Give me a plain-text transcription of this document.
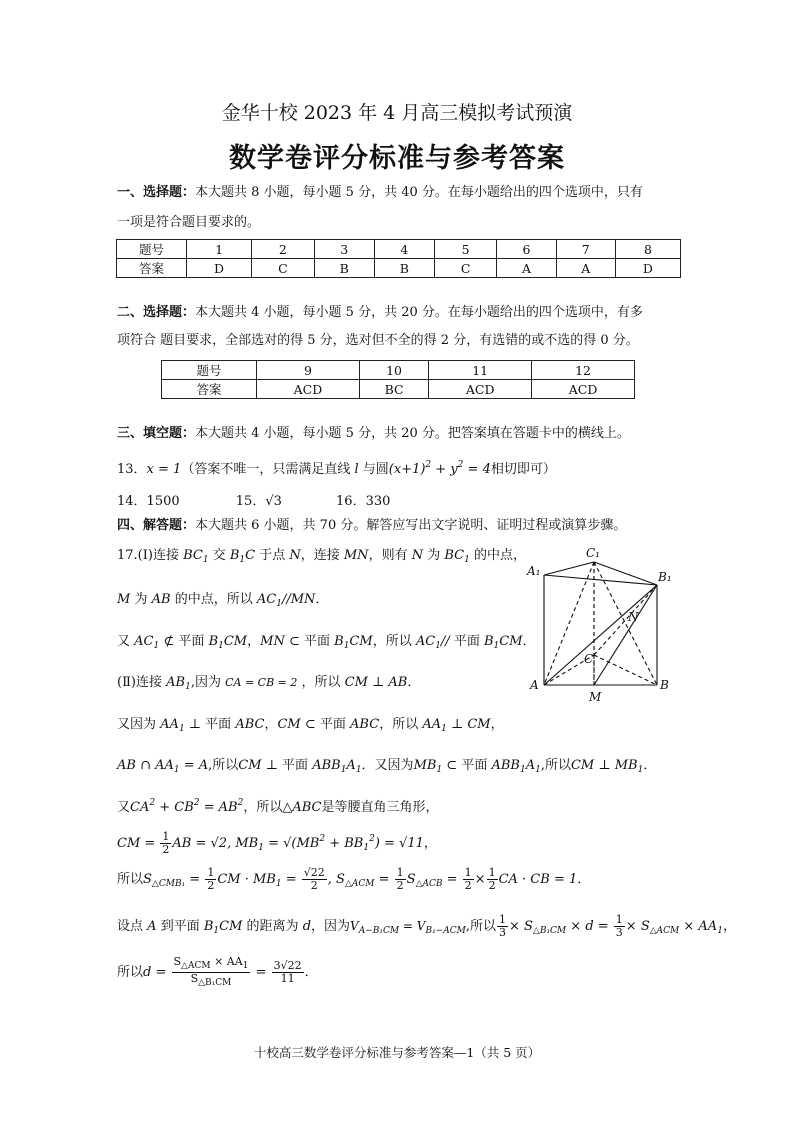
金华十校 2023 年 4 月高三模拟考试预演
数学卷评分标准与参考答案
一、选择题：本大题共 8 小题，每小题 5 分，共 40 分。在每小题给出的四个选项中，只有
一项是符合题目要求的。
题号	1	2	3	4	5	6	7	8
答案	D	C	B	B	C	A	A	D
二、选择题：本大题共 4 小题，每小题 5 分，共 20 分。在每小题给出的四个选项中，有多
项符合 题目要求，全部选对的得 5 分，选对但不全的得 2 分，有选错的或不选的得 0 分。
题号	9	10	11	12
答案	ACD	BC	ACD	ACD
三、填空题：本大题共 4 小题，每小题 5 分，共 20 分。把答案填在答题卡中的横线上。
13．x = 1（答案不唯一，只需满足直线 l 与圆$(x+1)^2 + y^2 = 4$相切即可）
14．1500	15．√3	16．330
四、解答题：本大题共 6 小题，共 70 分。解答应写出文字说明、证明过程或演算步骤。
17.(Ⅰ)连接 $BC_1$ 交 $B_1C$ 于点 N，连接 MN，则有 N 为 $BC_1$ 的中点，
M 为 AB 的中点，所以 $AC_1//MN$．
又 $AC_1$ ⊄ 平面 $B_1CM$，MN ⊂ 平面 $B_1CM$，所以 $AC_1//$ 平面 $B_1CM$．
(Ⅱ)连接 $AB_1$,因为 CA = CB = 2 ，所以 CM ⊥ AB．
又因为 $AA_1$ ⊥ 平面 ABC，CM ⊂ 平面 ABC，所以 $AA_1$ ⊥ CM，
AB ∩ $AA_1 = A$,所以CM ⊥ 平面 $ABB_1A_1$．又因为$MB_1$ ⊂ 平面 $ABB_1A_1$,所以CM ⊥ $MB_1$．
又$CA^2 + CB^2 = AB^2$，所以△ABC是等腰直角三角形，
CM = $\frac{1}{2}$ AB = √2, $MB_1 = √(MB^2 + BB_1^2) = √11$，
所以$S_{\triangle CMB_1} = \frac{1}{2}$ CM · $MB_1 = \frac{√22}{2}$ , $S_{\triangle ACM} = \frac{1}{2} S_{\triangle ACB} = \frac{1}{2} \times \frac{1}{2}$ CA · CB = 1．
设点 A 到平面 $B_1CM$ 的距离为 d，因为$V_{A-B_1CM} = V_{B_1-ACM}$,所以 $\frac{1}{3} \times S_{\triangle B_1CM} \times d = \frac{1}{3} \times S_{\triangle ACM} \times AA_1$，
所以$d = \frac{S_{\triangle ACM} \times AA_1}{S_{\triangle B_1CM}} = \frac{3√22}{11}$ ．
C₁
A₁	B₁
N
C
A
M
B
十校高三数学卷评分标准与参考答案—1（共 5 页）
